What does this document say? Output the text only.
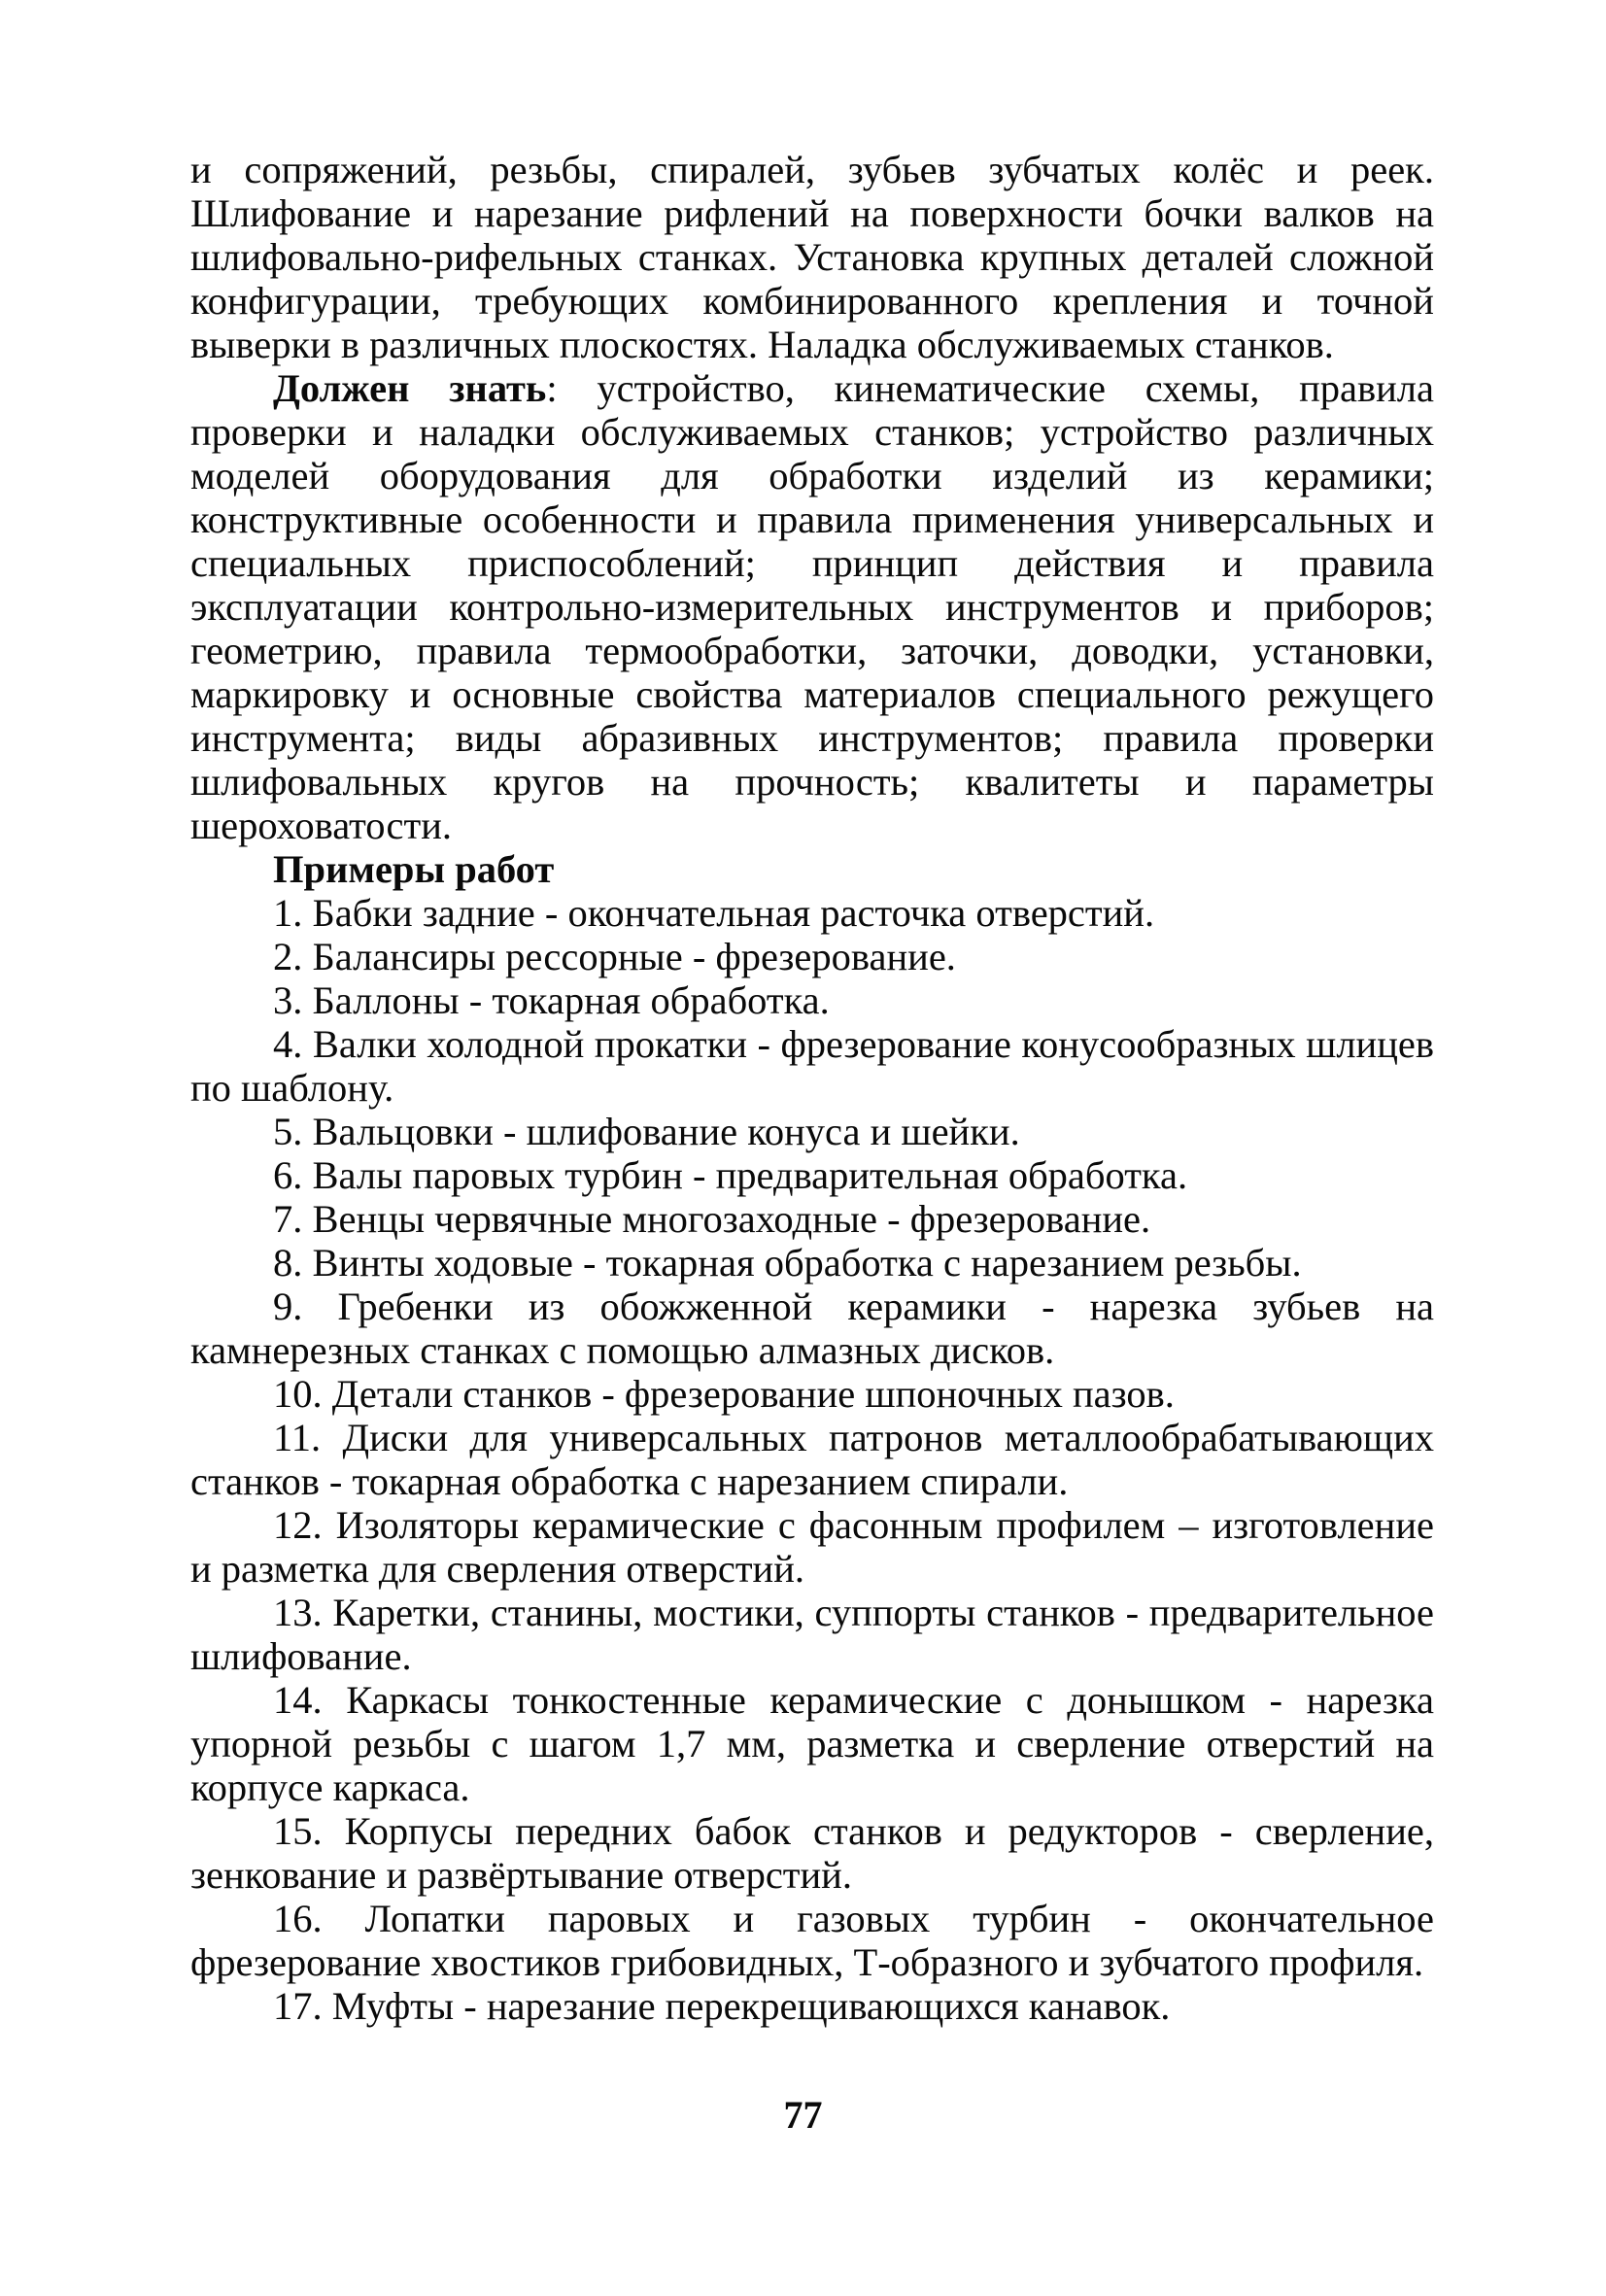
и сопряжений, резьбы, спиралей, зубьев зубчатых колёс и реек. Шлифование и нарезание рифлений на поверхности бочки валков на шлифовально-рифельных станках. Установка крупных деталей сложной конфигурации, требующих комбинированного крепления и точной выверки в различных плоскостях. Наладка обслуживаемых станков.

Должен знать: устройство, кинематические схемы, правила проверки и наладки обслуживаемых станков; устройство различных моделей оборудования для обработки изделий из керамики; конструктивные особенности и правила применения универсальных и специальных приспособлений; принцип действия и правила эксплуатации контрольно-измерительных инструментов и приборов; геометрию, правила термообработки, заточки, доводки, установки, маркировку и основные свойства материалов специального режущего инструмента; виды абразивных инструментов; правила проверки шлифовальных кругов на прочность; квалитеты и параметры шероховатости.

Примеры работ

1. Бабки задние - окончательная расточка отверстий.

2. Балансиры рессорные - фрезерование.

3. Баллоны - токарная обработка.

4. Валки холодной прокатки - фрезерование конусообразных шлицев по шаблону.

5. Вальцовки - шлифование конуса и шейки.

6. Валы паровых турбин - предварительная обработка.

7. Венцы червячные многозаходные - фрезерование.

8. Винты ходовые - токарная обработка с нарезанием резьбы.

9. Гребенки из обожженной керамики - нарезка зубьев на камнерезных станках с помощью алмазных дисков.

10. Детали станков - фрезерование шпоночных пазов.

11. Диски для универсальных патронов металлообрабатывающих станков - токарная обработка с нарезанием спирали.

12. Изоляторы керамические с фасонным профилем – изготовление и разметка для сверления отверстий.

13. Каретки, станины, мостики, суппорты станков - предварительное шлифование.

14. Каркасы тонкостенные керамические с донышком - нарезка упорной резьбы с шагом 1,7 мм, разметка и сверление отверстий на корпусе каркаса.

15. Корпусы передних бабок станков и редукторов - сверление, зенкование и развёртывание отверстий.

16. Лопатки паровых и газовых турбин - окончательное фрезерование хвостиков грибовидных, Т-образного и зубчатого профиля.

17. Муфты - нарезание перекрещивающихся канавок.

77
